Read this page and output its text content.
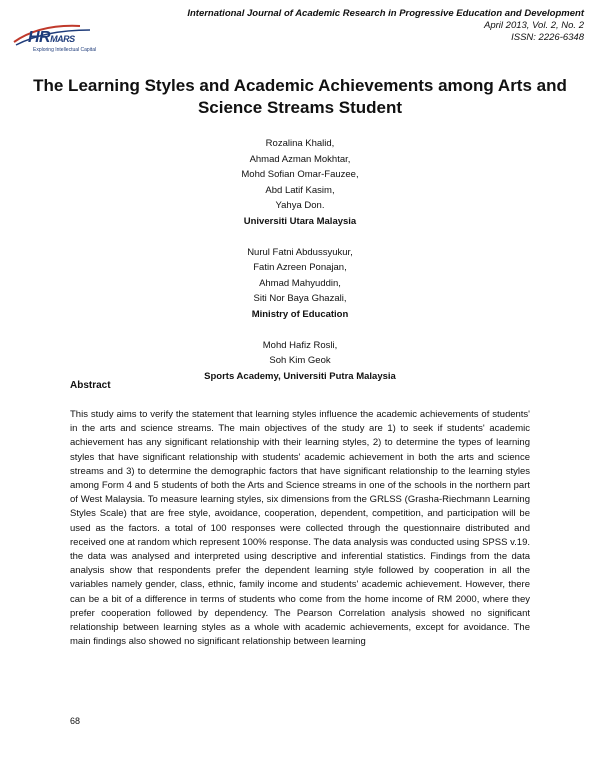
HRMARS
Exploring Intellectual Capital
International Journal of Academic Research in Progressive Education and Development
April 2013, Vol. 2, No. 2
ISSN: 2226-6348
The Learning Styles and Academic Achievements among Arts and Science Streams Student
Rozalina Khalid,
Ahmad Azman Mokhtar,
Mohd Sofian Omar-Fauzee,
Abd Latif Kasim,
Yahya Don.
Universiti Utara Malaysia
Nurul Fatni Abdussyukur,
Fatin Azreen Ponajan,
Ahmad Mahyuddin,
Siti Nor Baya Ghazali,
Ministry of Education
Mohd Hafiz Rosli,
Soh Kim Geok
Sports Academy, Universiti Putra Malaysia
Abstract

This study aims to verify the statement that learning styles influence the academic achievements of students' in the arts and science streams. The main objectives of the study are 1) to seek if students' academic achievement has any significant relationship with their learning styles, 2) to determine the types of learning styles that have significant relationship with students' academic achievement in both the arts and science streams and 3) to determine the demographic factors that have significant relationship to the learning styles among Form 4 and 5 students of both the Arts and Science streams in one of the schools in the northern part of West Malaysia. To measure learning styles, six dimensions from the GRLSS (Grasha-Riechmann Learning Styles Scale) that are free style, avoidance, cooperation, dependent, competition, and participation will be used as the factors. a total of 100 responses were collected through the questionnaire distributed and received one at random which represent 100% response. The data analysis was conducted using SPSS v.19. the data was analysed and interpreted using descriptive and inferential statistics. Findings from the data analysis show that respondents prefer the dependent learning style followed by cooperation in all the variables namely gender, class, ethnic, family income and students' academic achievement. However, there can be a bit of a difference in terms of students who come from the home income of RM 2000, where they prefer cooperation followed by dependency. The Pearson Correlation analysis showed no significant relationship between learning styles as a whole with academic achievements, except for avoidance. The main findings also showed no significant relationship between learning

68
